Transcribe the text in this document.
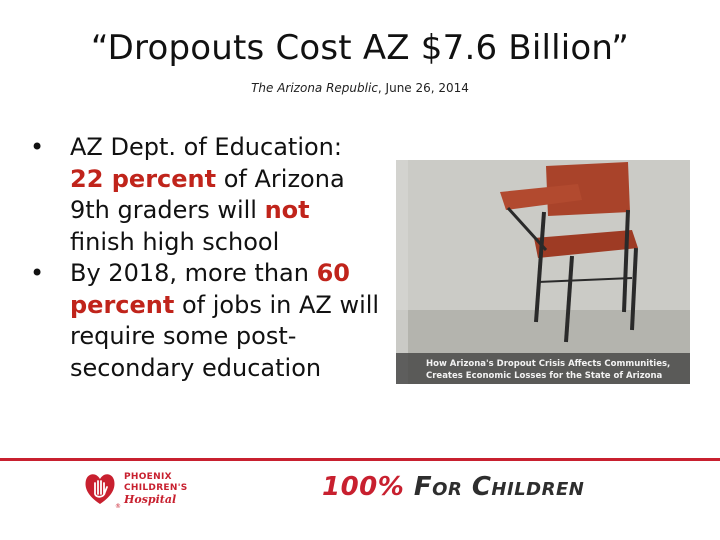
“Dropouts Cost AZ $7.6 Billion”
The Arizona Republic, June 26, 2014
•	AZ Dept. of Education:
22 percent of Arizona
9th graders will not
finish high school
•	By 2018, more than 60
percent of jobs in AZ will
require some post-
secondary education	How Arizona's Dropout Crisis Affects Communities,
Creates Economic Losses for the State of Arizona
PHOENIX
CHILDREN'S
Hospital
®
100% For Children
